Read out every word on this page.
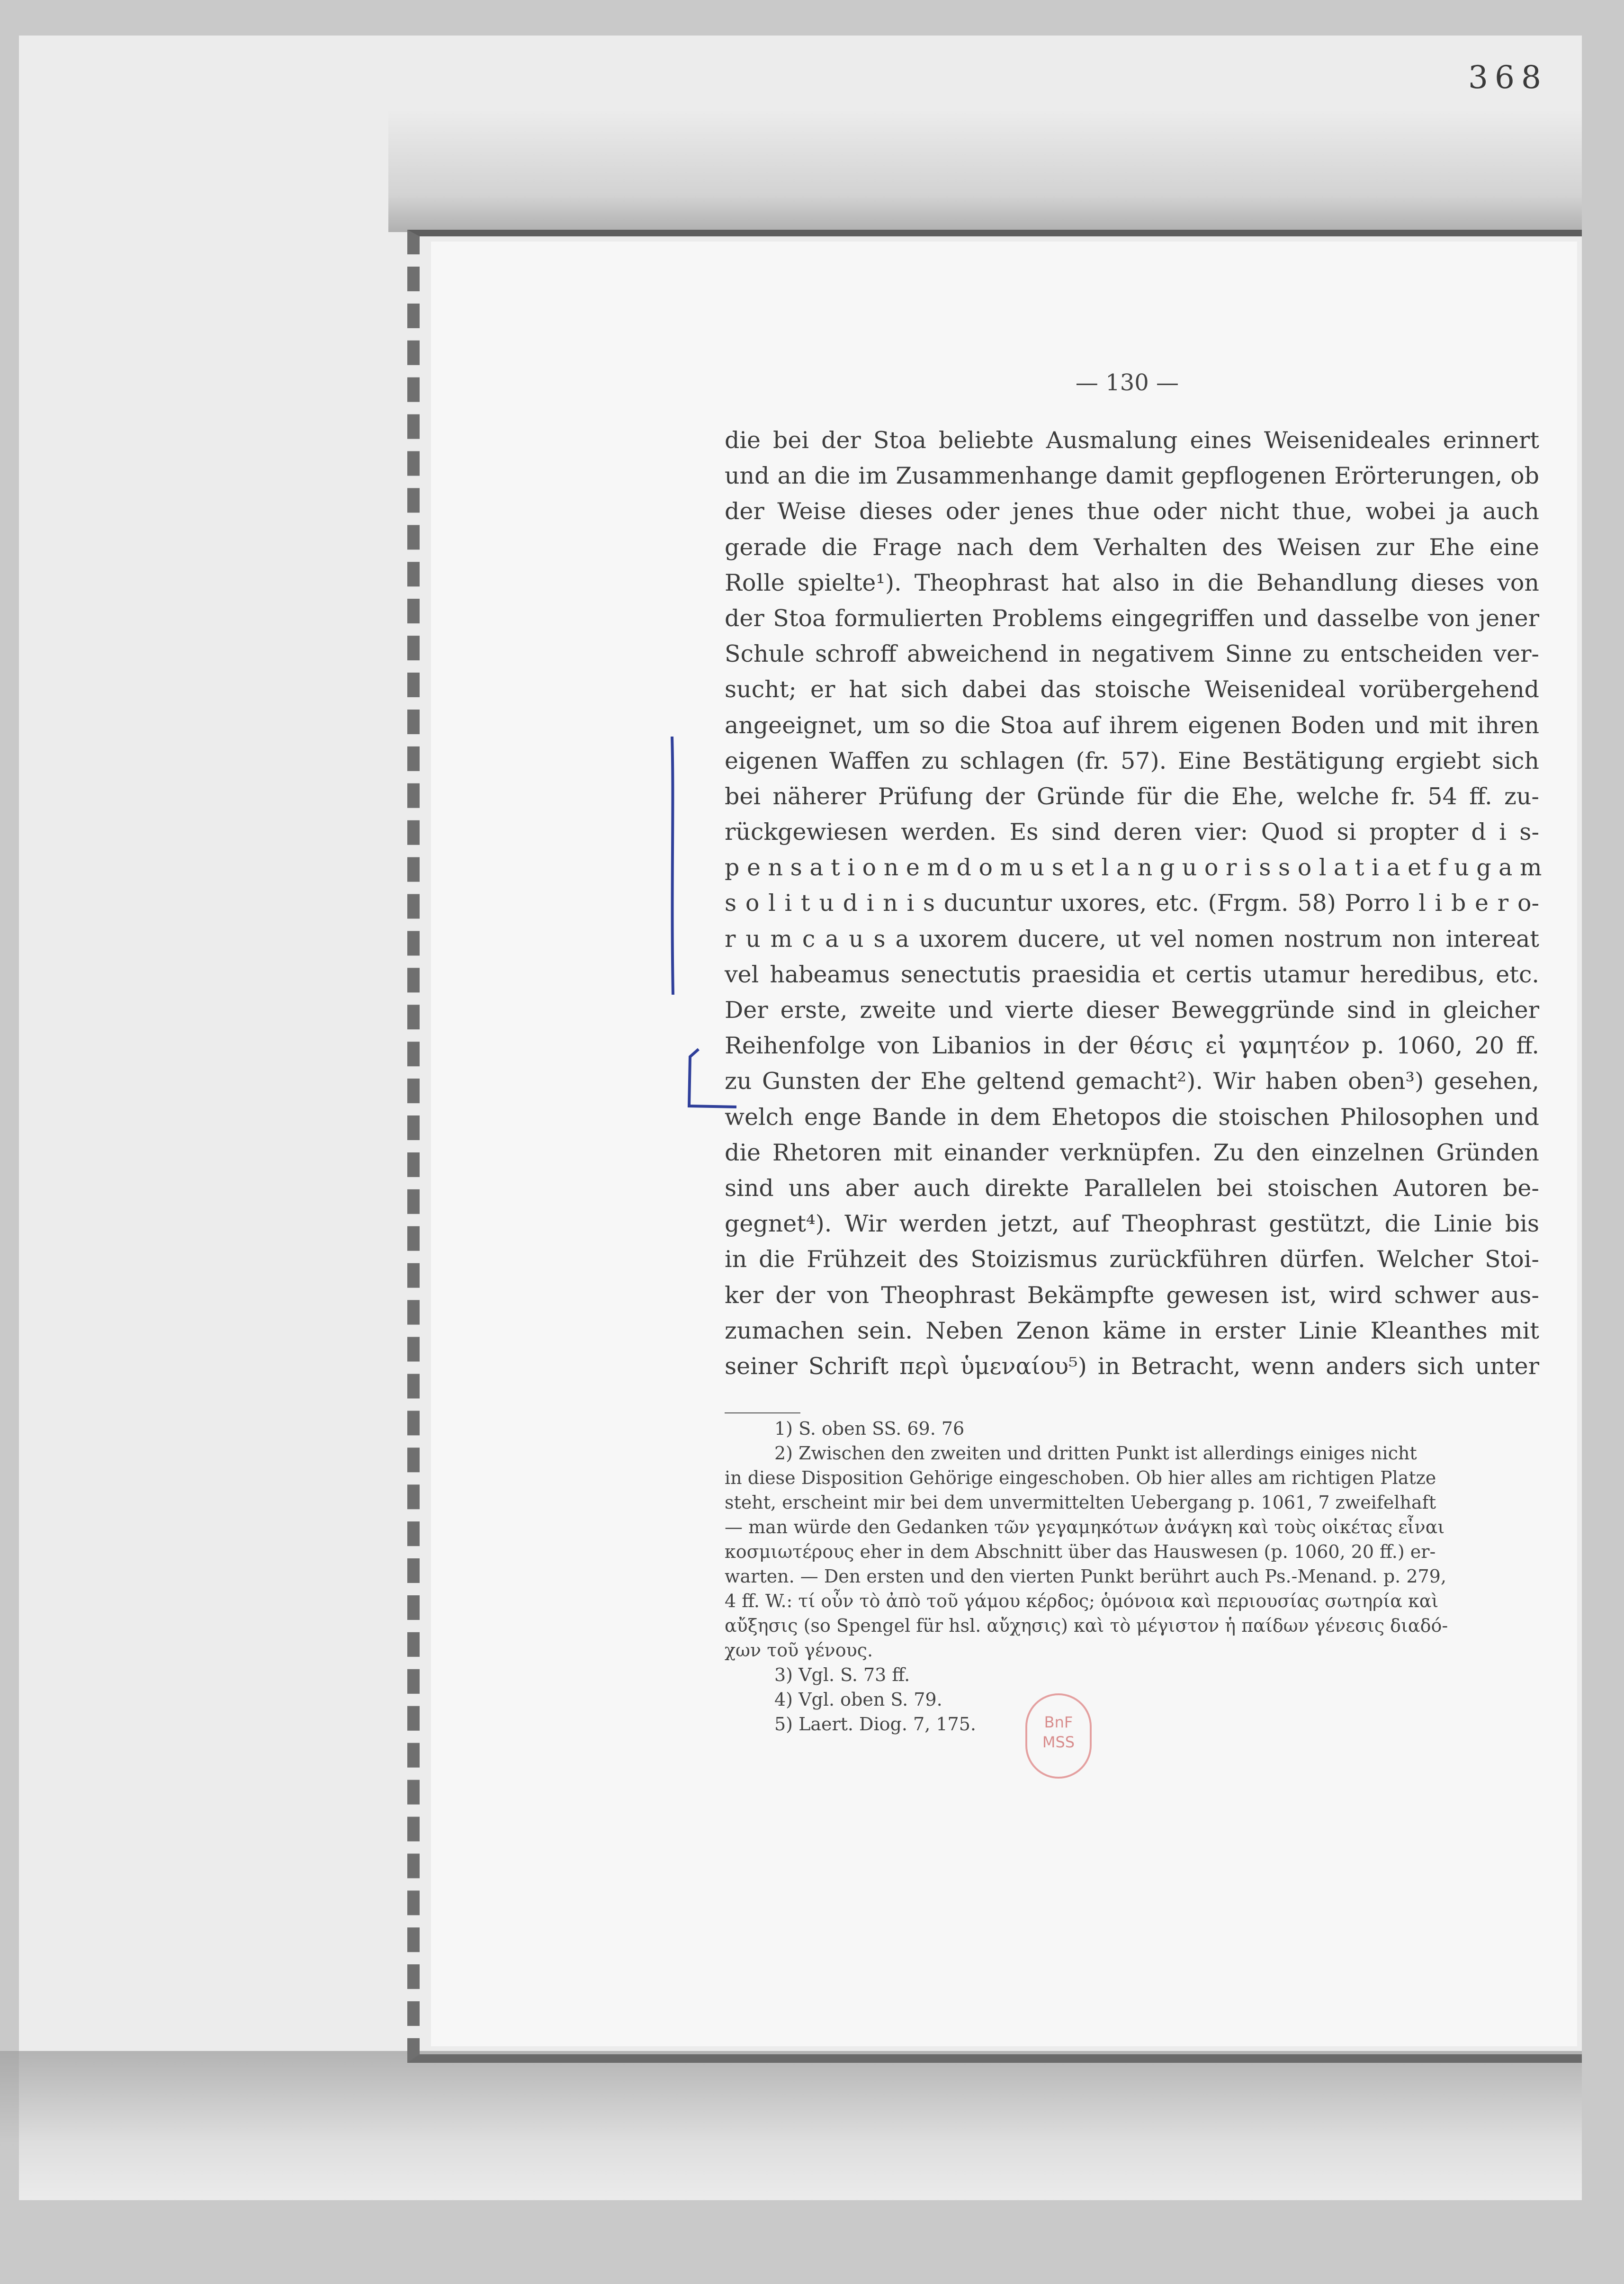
368
— 130 —
die bei der Stoa beliebte Ausmalung eines Weisenideales erinnert
und an die im Zusammenhange damit gepflogenen Erörterungen, ob
der Weise dieses oder jenes thue oder nicht thue, wobei ja auch
gerade die Frage nach dem Verhalten des Weisen zur Ehe eine
Rolle spielte¹). Theophrast hat also in die Behandlung dieses von
der Stoa formulierten Problems eingegriffen und dasselbe von jener
Schule schroff abweichend in negativem Sinne zu entscheiden ver-
sucht; er hat sich dabei das stoische Weisenideal vorübergehend
angeeignet, um so die Stoa auf ihrem eigenen Boden und mit ihren
eigenen Waffen zu schlagen (fr. 57). Eine Bestätigung ergiebt sich
bei näherer Prüfung der Gründe für die Ehe, welche fr. 54 ff. zu-
rückgewiesen werden. Es sind deren vier: Quod si propter d i s-
p e n s a t i o n e m d o m u s et l a n g u o r i s s o l a t i a et f u g a m
s o l i t u d i n i s ducuntur uxores, etc. (Frgm. 58) Porro l i b e r o-
r u m c a u s a uxorem ducere, ut vel nomen nostrum non intereat
vel habeamus senectutis praesidia et certis utamur heredibus, etc.
Der erste, zweite und vierte dieser Beweggründe sind in gleicher
Reihenfolge von Libanios in der θέσις εἰ γαμητέον p. 1060, 20 ff.
zu Gunsten der Ehe geltend gemacht²). Wir haben oben³) gesehen,
welch enge Bande in dem Ehetopos die stoischen Philosophen und
die Rhetoren mit einander verknüpfen. Zu den einzelnen Gründen
sind uns aber auch direkte Parallelen bei stoischen Autoren be-
gegnet⁴). Wir werden jetzt, auf Theophrast gestützt, die Linie bis
in die Frühzeit des Stoizismus zurückführen dürfen. Welcher Stoi-
ker der von Theophrast Bekämpfte gewesen ist, wird schwer aus-
zumachen sein. Neben Zenon käme in erster Linie Kleanthes mit
seiner Schrift περὶ ὑμεναίου⁵) in Betracht, wenn anders sich unter
1) S. oben SS. 69. 76
2) Zwischen den zweiten und dritten Punkt ist allerdings einiges nicht
in diese Disposition Gehörige eingeschoben. Ob hier alles am richtigen Platze
steht, erscheint mir bei dem unvermittelten Uebergang p. 1061, 7 zweifelhaft
— man würde den Gedanken τῶν γεγαμηκότων ἀνάγκη καὶ τοὺς οἰκέτας εἶναι
κοσμιωτέρους eher in dem Abschnitt über das Hauswesen (p. 1060, 20 ff.) er-
warten. — Den ersten und den vierten Punkt berührt auch Ps.-Menand. p. 279,
4 ff. W.: τί οὖν τὸ ἀπὸ τοῦ γάμου κέρδος; ὁμόνοια καὶ περιουσίας σωτηρία καὶ
αὔξησις (so Spengel für hsl. αὔχησις) καὶ τὸ μέγιστον ἡ παίδων γένεσις διαδό-
χων τοῦ γένους.
3) Vgl. S. 73 ff.
4) Vgl. oben S. 79.
5) Laert. Diog. 7, 175.	BnF MSS
